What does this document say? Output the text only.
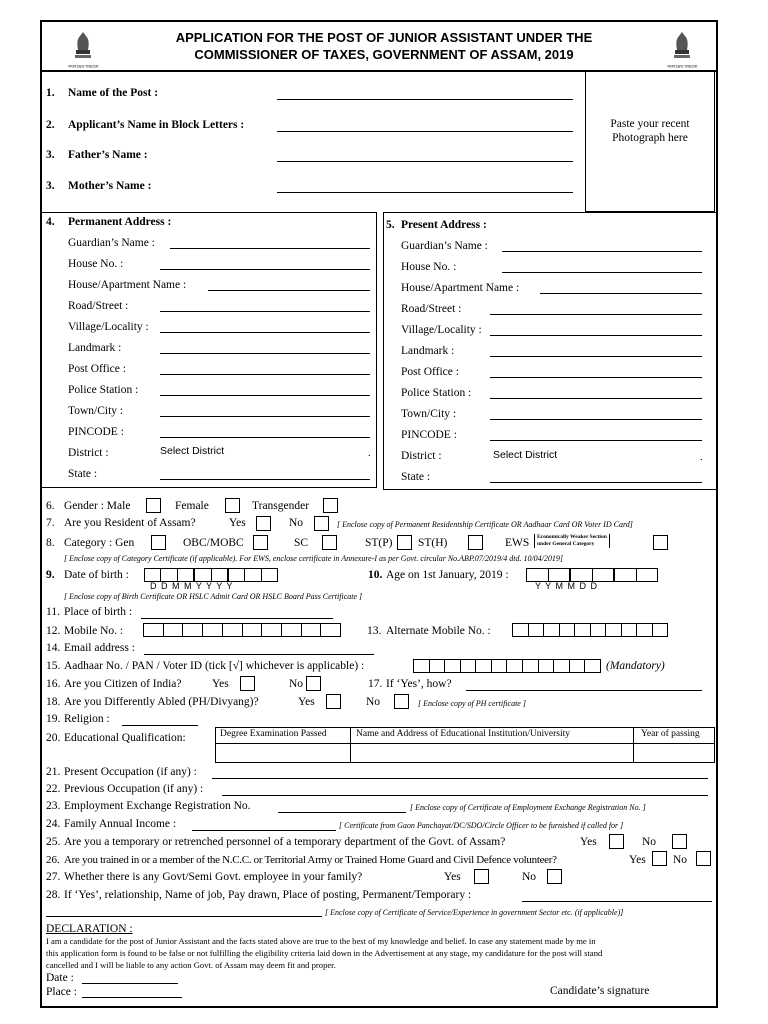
সত্যমেব জয়তে	সত্যমেব জয়তে
APPLICATION FOR THE POST OF JUNIOR ASSISTANT UNDER THE
COMMISSIONER OF TAXES, GOVERNMENT OF ASSAM, 2019
Paste your recent Photograph here
1. Name of the Post :
2. Applicant’s Name in Block Letters :
3. Father’s Name :
3. Mother’s Name :
4. Permanent Address :	5. Present Address :
Guardian’s Name :
House No. :
House/Apartment Name :
Road/Street :
Village/Locality :
Landmark :
Post Office :
Police Station :
Town/City :
PINCODE :
District :	Select District	.
State :
Guardian’s Name :
House No. :
House/Apartment Name :
Road/Street :
Village/Locality :
Landmark :
Post Office :
Police Station :
Town/City :
PINCODE :
District :	Select District	.
State :
6. Gender : Male	Female	Transgender
7. Are you Resident of Assam?	Yes	No	[ Enclose copy of Permanent Residentship Certificate OR Aadhaar Card OR Voter ID Card]
8. Category : Gen	OBC/MOBC	SC	ST(P) ST(H)	EWS Economically Weaker Section
under General Category
[ Enclose copy of Category Certificate (if applicable). For EWS, enclose certificate in Annexure-I as per Govt. circular No.ABP.07/2019/4 dtd. 10/04/2019]
9. Date of birth :
D D M M Y Y Y Y
10. Age on 1st January, 2019 :
Y Y M M D D
[ Enclose copy of Birth Certificate OR HSLC Admit Card OR HSLC Board Pass Certificate ]
11. Place of birth :
12. Mobile No. :	13. Alternate Mobile No. :
14. Email address :
15. Aadhaar No. / PAN / Voter ID (tick [√] whichever is applicable) :	(Mandatory)
16. Are you Citizen of India?	Yes	No	17. If ‘Yes’, how?
18. Are you Differently Abled (PH/Divyang)?	Yes	No	[ Enclose copy of PH certificate ]
19. Religion :
20. Educational Qualification:	Degree Examination Passed	Name and Address of Educational Institution/University	Year of passing
21. Present Occupation (if any) :
22. Previous Occupation (if any) :
23. Employment Exchange Registration No.	[ Enclose copy of Certificate of Employment Exchange Registration No. ]
24. Family Annual Income :	[ Certificate from Gaon Panchayat/DC/SDO/Circle Officer to be furnished if called for ]
25. Are you a temporary or retrenched personnel of a temporary department of the Govt. of Assam?	Yes	No
26. Are you trained in or a member of the N.C.C. or Territorial Army or Trained Home Guard and Civil Defence volunteer?	Yes No
27. Whether there is any Govt/Semi Govt. employee in your family?	Yes	No
28. If ‘Yes’, relationship, Name of job, Pay drawn, Place of posting, Permanent/Temporary :
[ Enclose copy of Certificate of Service/Experience in government Sector etc. (if applicable)]
DECLARATION :
I am a candidate for the post of Junior Assistant and the facts stated above are true to the best of my knowledge and belief. In case any statement made by me in
this application form is found to be false or not fulfilling the eligibility criteria laid down in the Advertisement at any stage, my candidature for the post will stand
cancelled and I will be liable to any action Govt. of Assam may deem fit and proper.
Date :
Place :	Candidate’s signature
